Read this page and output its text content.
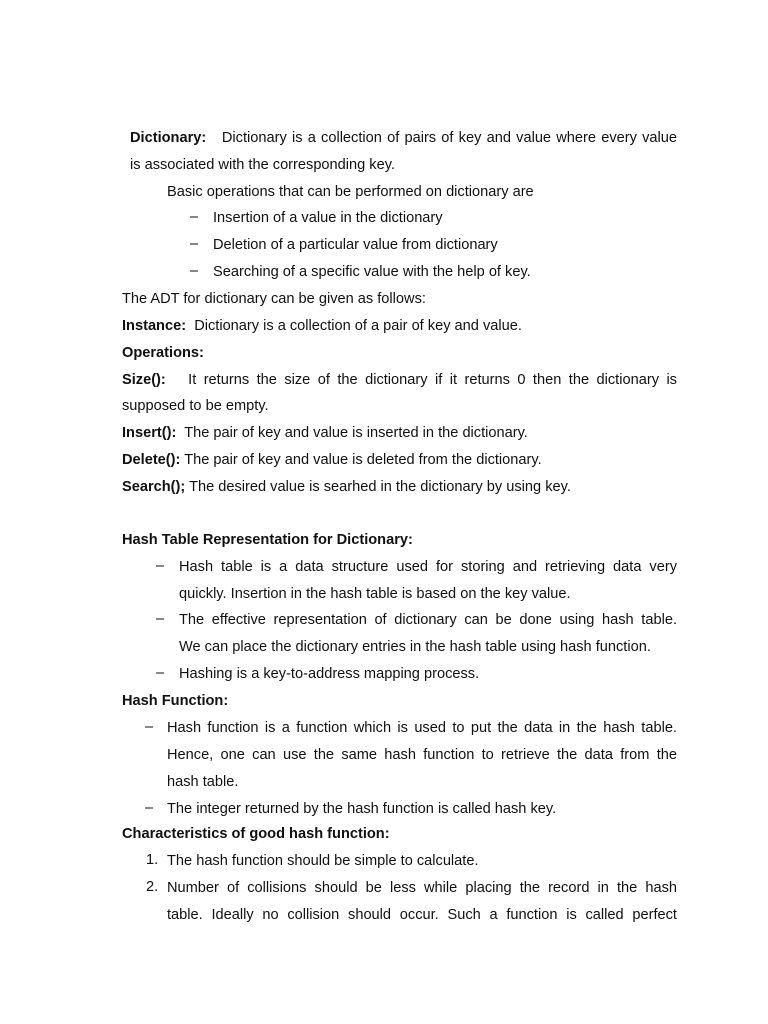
Dictionary: Dictionary is a collection of pairs of key and value where every value
is associated with the corresponding key.
Basic operations that can be performed on dictionary are
– Insertion of a value in the dictionary
– Deletion of a particular value from dictionary
– Searching of a specific value with the help of key.
The ADT for dictionary can be given as follows:
Instance: Dictionary is a collection of a pair of key and value.
Operations:
Size(): It returns the size of the dictionary if it returns 0 then the dictionary is
supposed to be empty.
Insert(): The pair of key and value is inserted in the dictionary.
Delete(): The pair of key and value is deleted from the dictionary.
Search(); The desired value is searhed in the dictionary by using key.
Hash Table Representation for Dictionary:
– Hash table is a data structure used for storing and retrieving data very
quickly. Insertion in the hash table is based on the key value.
– The effective representation of dictionary can be done using hash table.
We can place the dictionary entries in the hash table using hash function.
– Hashing is a key-to-address mapping process.
Hash Function:
– Hash function is a function which is used to put the data in the hash table.
Hence, one can use the same hash function to retrieve the data from the
hash table.
– The integer returned by the hash function is called hash key.
Characteristics of good hash function:
1. The hash function should be simple to calculate.
2. Number of collisions should be less while placing the record in the hash
table. Ideally no collision should occur. Such a function is called perfect
